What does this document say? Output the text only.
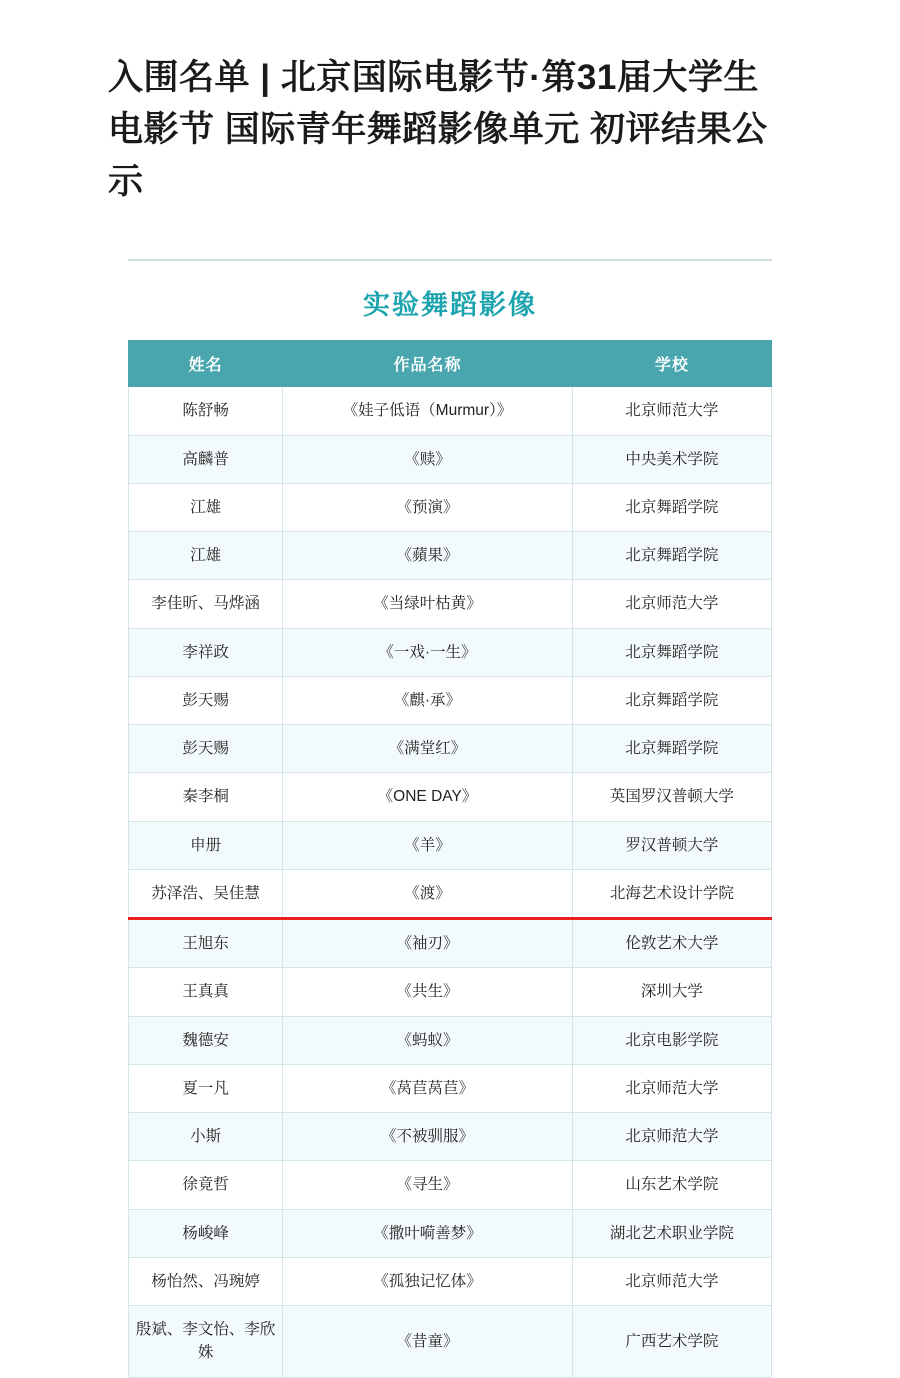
入围名单 | 北京国际电影节·第31届大学生电影节 国际青年舞蹈影像单元 初评结果公示
实验舞蹈影像
姓名	作品名称	学校
陈舒畅	《娃子低语（Murmur）》	北京师范大学
高麟普	《赎》	中央美术学院
江雄	《预演》	北京舞蹈学院
江雄	《蘋果》	北京舞蹈学院
李佳昕、马烨涵	《当绿叶枯黄》	北京师范大学
李祥政	《一戏·一生》	北京舞蹈学院
彭天赐	《麒·承》	北京舞蹈学院
彭天赐	《满堂红》	北京舞蹈学院
秦李桐	《ONE DAY》	英国罗汉普顿大学
申册	《羊》	罗汉普顿大学
苏泽浩、吴佳慧	《渡》	北海艺术设计学院
王旭东	《袖刃》	伦敦艺术大学
王真真	《共生》	深圳大学
魏德安	《蚂蚁》	北京电影学院
夏一凡	《莴苣莴苣》	北京师范大学
小斯	《不被驯服》	北京师范大学
徐竟哲	《寻生》	山东艺术学院
杨峻峰	《撒叶嗬善梦》	湖北艺术职业学院
杨怡然、冯琬婷	《孤独记忆体》	北京师范大学
殷斌、李文怡、李欣姝	《昔童》	广西艺术学院
